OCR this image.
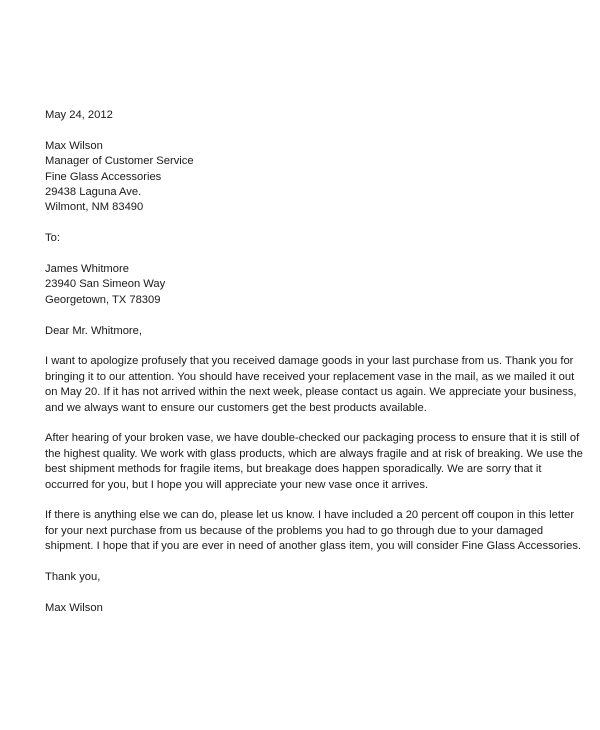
May 24, 2012
Max Wilson
Manager of Customer Service
Fine Glass Accessories
29438 Laguna Ave.
Wilmont, NM 83490
To:
James Whitmore
23940 San Simeon Way
Georgetown, TX 78309
Dear Mr. Whitmore,
I want to apologize profusely that you received damage goods in your last purchase from us. Thank you for
bringing it to our attention. You should have received your replacement vase in the mail, as we mailed it out
on May 20. If it has not arrived within the next week, please contact us again. We appreciate your business,
and we always want to ensure our customers get the best products available.
After hearing of your broken vase, we have double-checked our packaging process to ensure that it is still of
the highest quality. We work with glass products, which are always fragile and at risk of breaking. We use the
best shipment methods for fragile items, but breakage does happen sporadically. We are sorry that it
occurred for you, but I hope you will appreciate your new vase once it arrives.
If there is anything else we can do, please let us know. I have included a 20 percent off coupon in this letter
for your next purchase from us because of the problems you had to go through due to your damaged
shipment. I hope that if you are ever in need of another glass item, you will consider Fine Glass Accessories.
Thank you,
Max Wilson
